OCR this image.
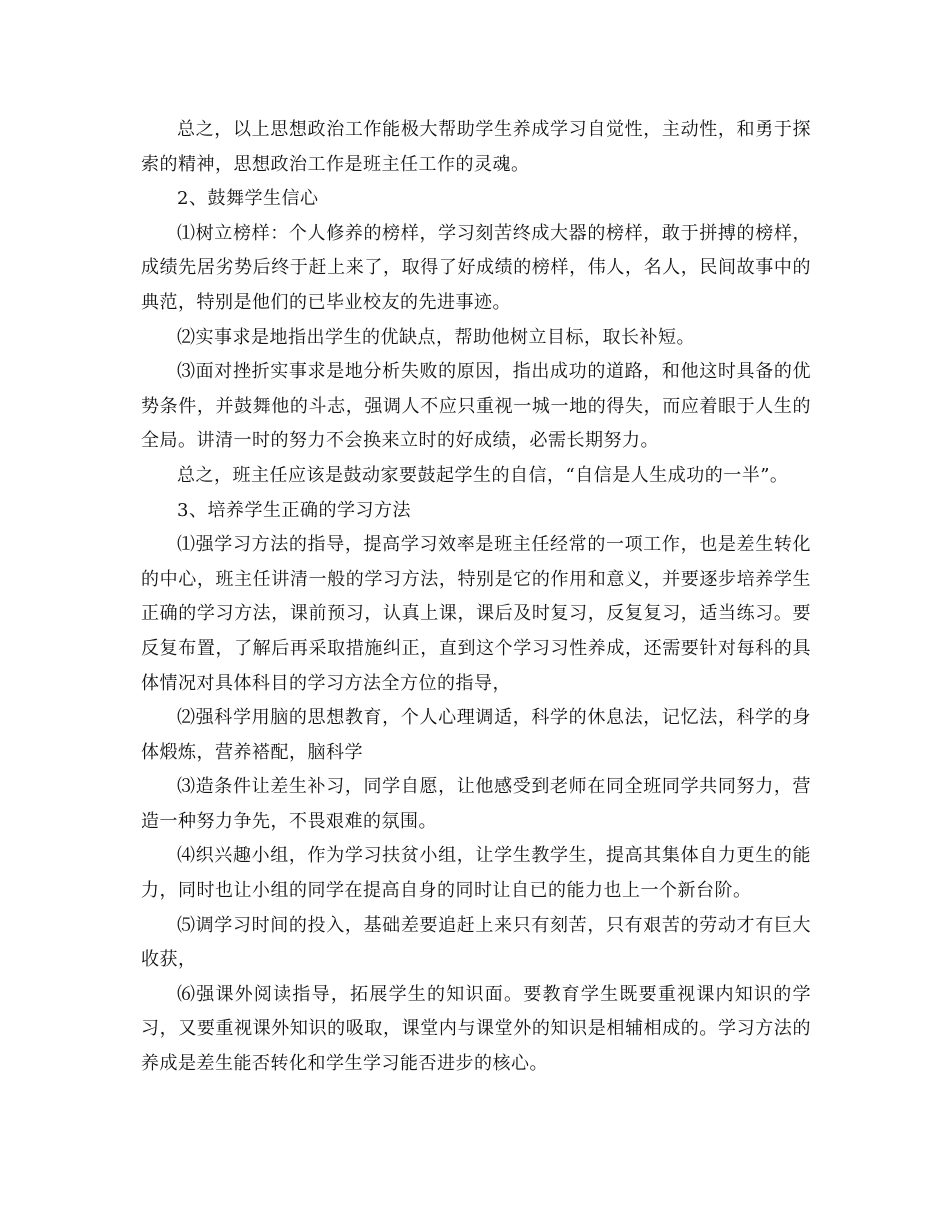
总之，以上思想政治工作能极大帮助学生养成学习自觉性，主动性，和勇于探索的精神，思想政治工作是班主任工作的灵魂。

2、鼓舞学生信心

⑴树立榜样：个人修养的榜样，学习刻苦终成大器的榜样，敢于拼搏的榜样，成绩先居劣势后终于赶上来了，取得了好成绩的榜样，伟人，名人，民间故事中的典范，特别是他们的已毕业校友的先进事迹。

⑵实事求是地指出学生的优缺点，帮助他树立目标，取长补短。

⑶面对挫折实事求是地分析失败的原因，指出成功的道路，和他这时具备的优势条件，并鼓舞他的斗志，强调人不应只重视一城一地的得失，而应着眼于人生的全局。讲清一时的努力不会换来立时的好成绩，必需长期努力。

总之，班主任应该是鼓动家要鼓起学生的自信，“自信是人生成功的一半”。

3、培养学生正确的学习方法

⑴强学习方法的指导，提高学习效率是班主任经常的一项工作，也是差生转化的中心，班主任讲清一般的学习方法，特别是它的作用和意义，并要逐步培养学生正确的学习方法，课前预习，认真上课，课后及时复习，反复复习，适当练习。要反复布置，了解后再采取措施纠正，直到这个学习习性养成，还需要针对每科的具体情况对具体科目的学习方法全方位的指导，

⑵强科学用脑的思想教育，个人心理调适，科学的休息法，记忆法，科学的身体煅炼，营养褡配，脑科学

⑶造条件让差生补习，同学自愿，让他感受到老师在同全班同学共同努力，营造一种努力争先，不畏艰难的氛围。

⑷织兴趣小组，作为学习扶贫小组，让学生教学生，提高其集体自力更生的能力，同时也让小组的同学在提高自身的同时让自已的能力也上一个新台阶。

⑸调学习时间的投入，基础差要追赶上来只有刻苦，只有艰苦的劳动才有巨大收获，

⑹强课外阅读指导，拓展学生的知识面。要教育学生既要重视课内知识的学习，又要重视课外知识的吸取，课堂内与课堂外的知识是相辅相成的。学习方法的养成是差生能否转化和学生学习能否进步的核心。
